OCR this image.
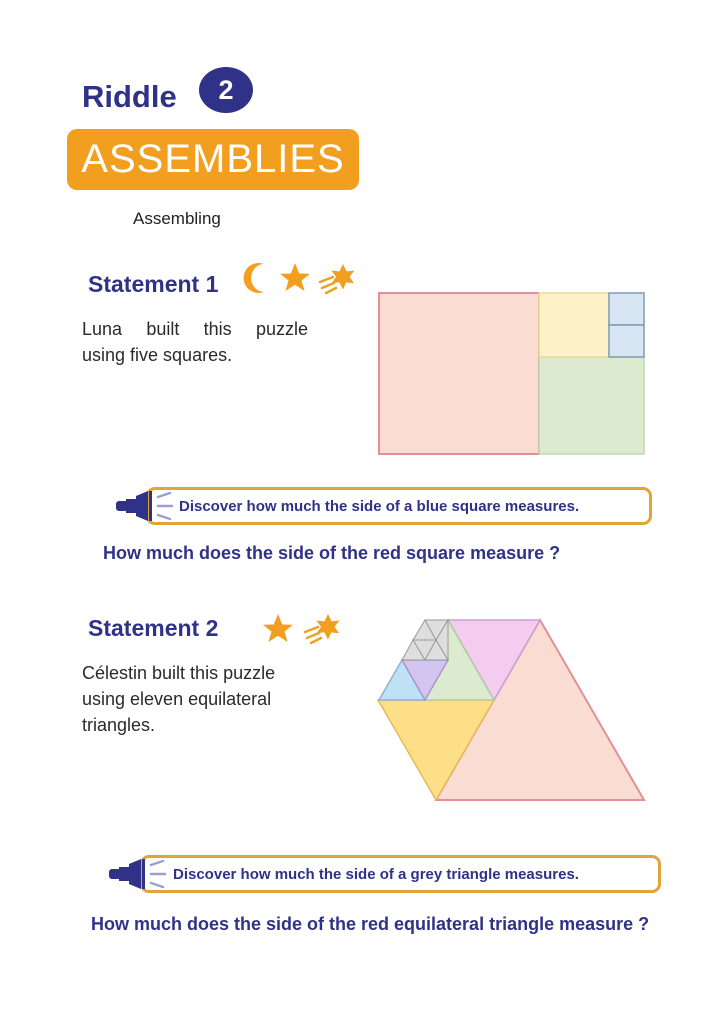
Riddle	2
ASSEMBLIES
Assembling
Statement 1
Luna built this puzzle
using five squares.
Discover how much the side of a blue square measures.
How much does the side of the red square measure ?
Statement 2
Célestin built this puzzle
using eleven equilateral
triangles.
Discover how much the side of a grey triangle measures.
How much does the side of the red equilateral triangle measure ?
